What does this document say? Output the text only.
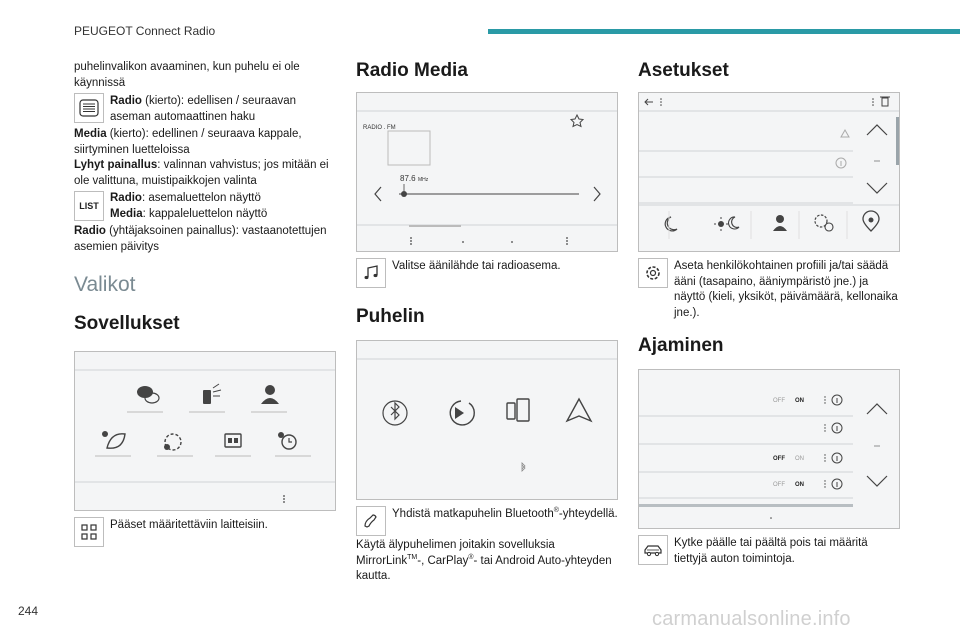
PEUGEOT Connect Radio
244	carmanualsonline.info
puhelinvalikon avaaminen, kun puhelu ei ole käynnissä
Radio (kierto): edellisen / seuraavan aseman automaattinen haku
Media (kierto): edellinen / seuraava kappale, siirtyminen luetteloissa
Lyhyt painallus: valinnan vahvistus; jos mitään ei ole valittuna, muistipaikkojen valinta
LIST
Radio: asemaluettelon näyttö
Media: kappaleluettelon näyttö
Radio (yhtäjaksoinen painallus): vastaanotettujen asemien päivitys
Valikot
Sovellukset
Pääset määritettäviin laitteisiin.
Radio Media
RADIO . FM
87.6 MHz
Valitse äänilähde tai radioasema.
Puhelin
Yhdistä matkapuhelin Bluetooth®-yhteydellä.
Käytä älypuhelimen joitakin sovelluksia MirrorLink™-, CarPlay®- tai Android Auto-yhteyden kautta.
Asetukset
Aseta henkilökohtainen profiili ja/tai säädä ääni (tasapaino, ääniympäristö jne.) ja näyttö (kieli, yksiköt, päivämäärä, kellonaika jne.).
Ajaminen
OFF ON
OFF ON
OFF ON
Kytke päälle tai päältä pois tai määritä tiettyjä auton toimintoja.
